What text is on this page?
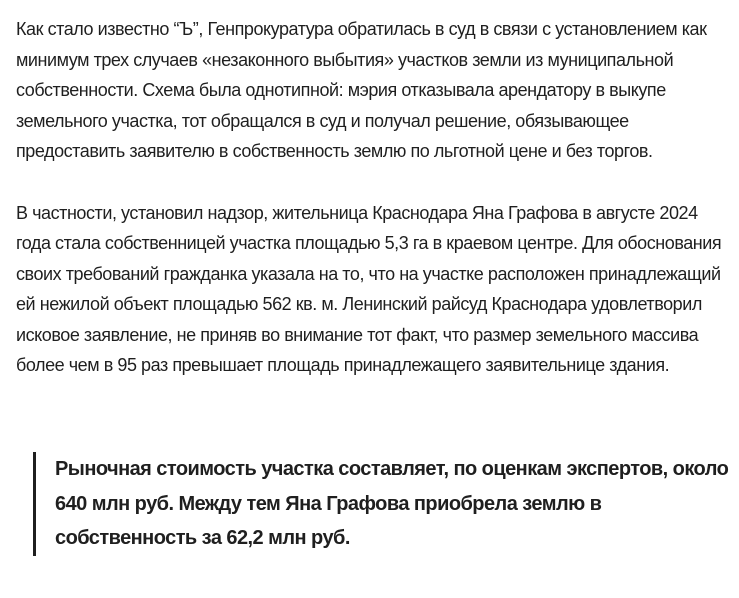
Как стало известно “Ъ”, Генпрокуратура обратилась в суд в связи с установлением как минимум трех случаев «незаконного выбытия» участков земли из муниципальной собственности. Схема была однотипной: мэрия отказывала арендатору в выкупе земельного участка, тот обращался в суд и получал решение, обязывающее предоставить заявителю в собственность землю по льготной цене и без торгов.

В частности, установил надзор, жительница Краснодара Яна Графова в августе 2024 года стала собственницей участка площадью 5,3 га в краевом центре. Для обоснования своих требований гражданка указала на то, что на участке расположен принадлежащий ей нежилой объект площадью 562 кв. м. Ленинский райсуд Краснодара удовлетворил исковое заявление, не приняв во внимание тот факт, что размер земельного массива более чем в 95 раз превышает площадь принадлежащего заявительнице здания.

Рыночная стоимость участка составляет, по оценкам экспертов, около 640 млн руб. Между тем Яна Графова приобрела землю в собственность за 62,2 млн руб.
